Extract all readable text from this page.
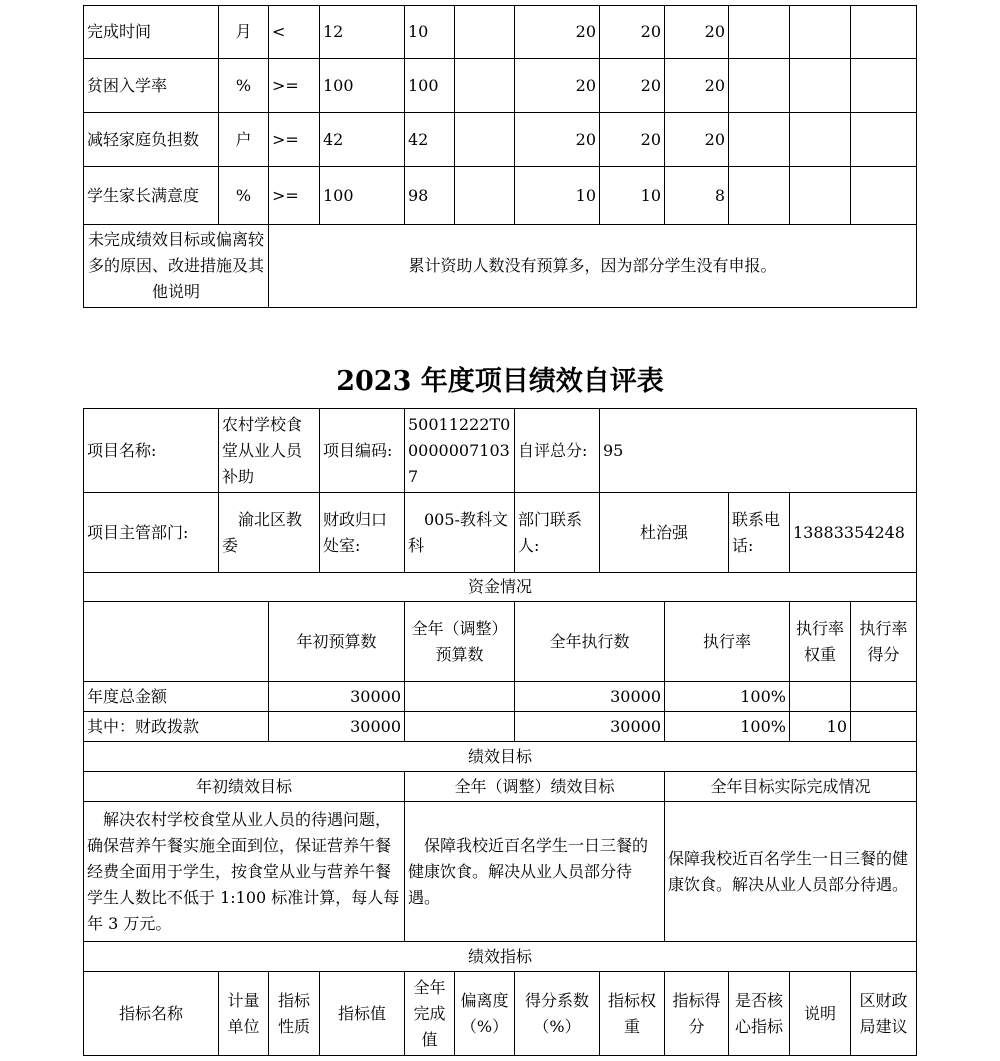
完成时间	月	<	12	10		20	20	20			
贫困入学率	%	>=	100	100		20	20	20			
减轻家庭负担数	户	>=	42	42		20	20	20			
学生家长满意度	%	>=	100	98		10	10	8			
未完成绩效目标或偏离较多的原因、改进措施及其他说明		累计资助人数没有预算多，因为部分学生没有申报。									
2023 年度项目绩效自评表
项目名称:	农村学校食堂从业人员补助		项目编码:	50011222T000000071037		自评总分:	95				
项目主管部门:	渝北区教委		财政归口处室:	005-教科文科		部门联系人:	杜治强		联系电话:	13883354248	
资金情况											
		年初预算数		全年（调整）预算数		全年执行数		执行率		执行率权重	执行率得分
年度总金额		30000				30000		100%			
其中：财政拨款		30000				30000		100%		10	
绩效目标											
年初绩效目标				全年（调整）绩效目标				全年目标实际完成情况			
解决农村学校食堂从业人员的待遇问题，确保营养午餐实施全面到位，保证营养午餐经费全面用于学生，按食堂从业与营养午餐学生人数比不低于 1:100 标准计算，每人每年 3 万元。				保障我校近百名学生一日三餐的健康饮食。解决从业人员部分待遇。				保障我校近百名学生一日三餐的健康饮食。解决从业人员部分待遇。			
绩效指标											
指标名称	计量单位	指标性质	指标值	全年完成值	偏离度（%）	得分系数（%）	指标权重	指标得分	是否核心指标	说明	区财政局建议
